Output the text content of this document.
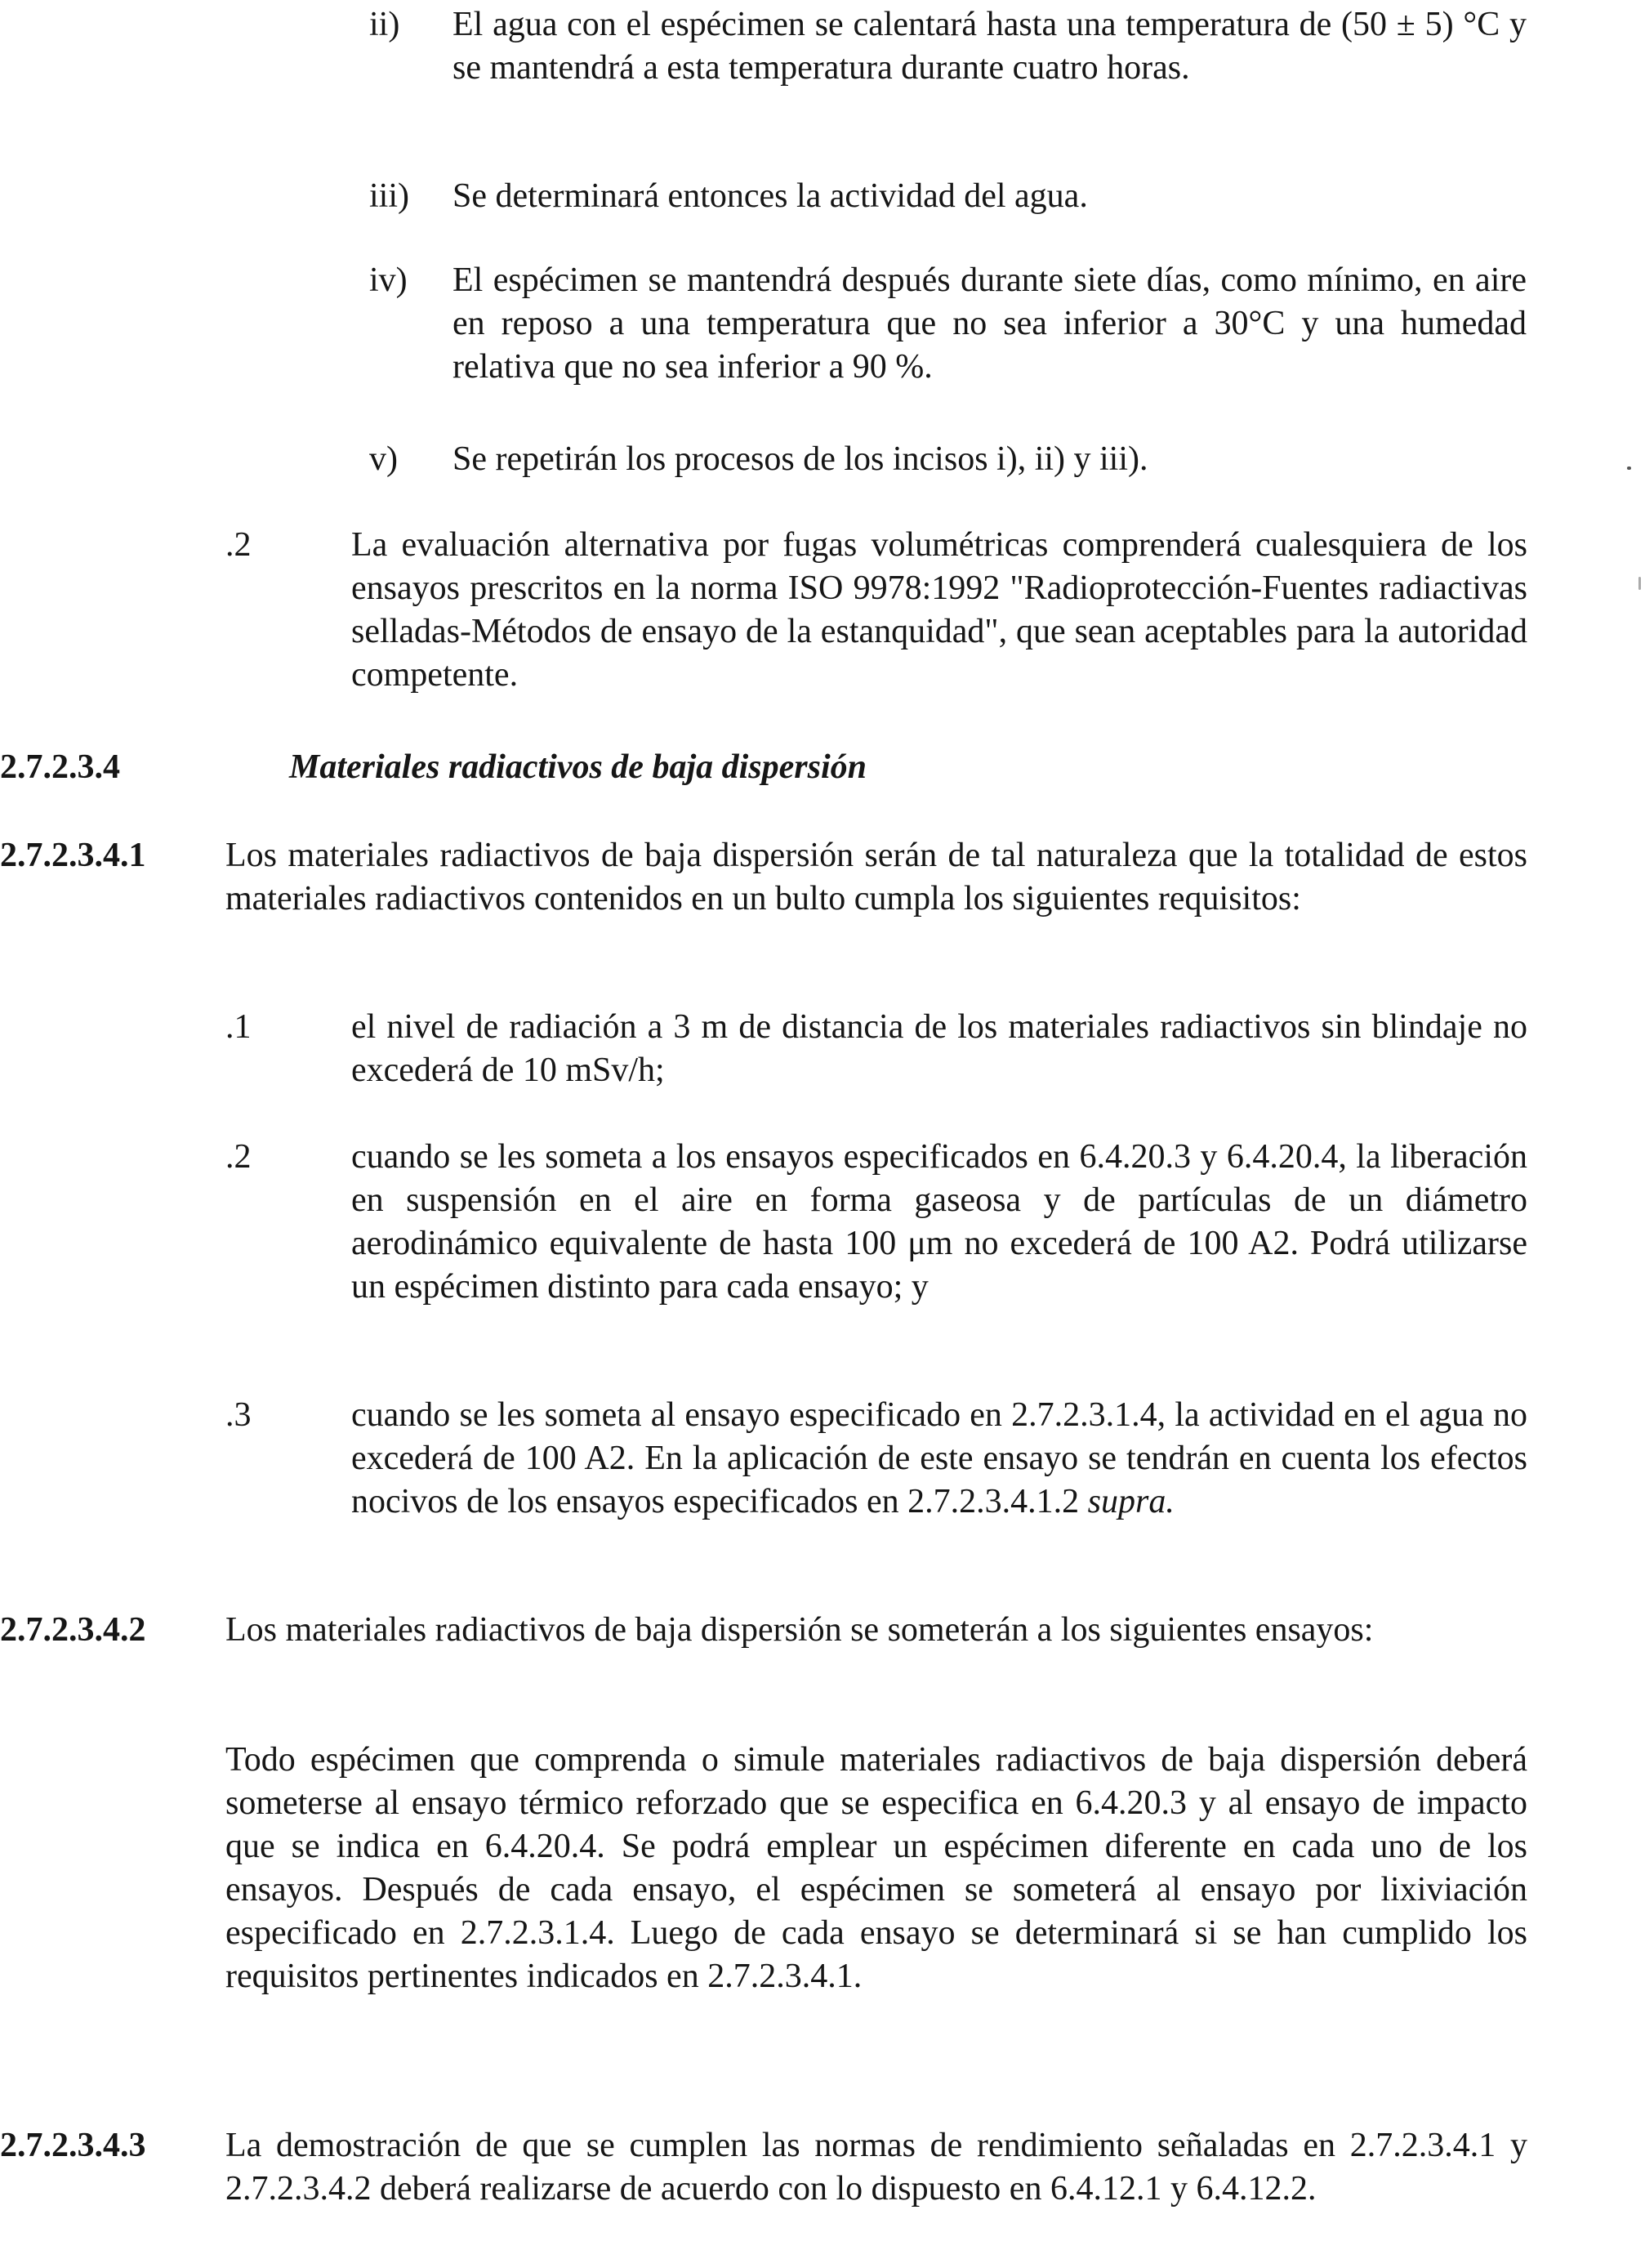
ii) El agua con el espécimen se calentará hasta una temperatura de (50 ± 5) °C y se mantendrá a esta temperatura durante cuatro horas.
iii) Se determinará entonces la actividad del agua.
iv) El espécimen se mantendrá después durante siete días, como mínimo, en aire en reposo a una temperatura que no sea inferior a 30°C y una humedad relativa que no sea inferior a 90 %.
v) Se repetirán los procesos de los incisos i), ii) y iii).
.2	La evaluación alternativa por fugas volumétricas comprenderá cualesquiera de los ensayos prescritos en la norma ISO 9978:1992 "Radioprotección-Fuentes radiactivas selladas-Métodos de ensayo de la estanquidad", que sean aceptables para la autoridad competente.
2.7.2.3.4	Materiales radiactivos de baja dispersión
2.7.2.3.4.1 Los materiales radiactivos de baja dispersión serán de tal naturaleza que la totalidad de estos materiales radiactivos contenidos en un bulto cumpla los siguientes requisitos:
.1	el nivel de radiación a 3 m de distancia de los materiales radiactivos sin blindaje no excederá de 10 mSv/h;
.2	cuando se les someta a los ensayos especificados en 6.4.20.3 y 6.4.20.4, la liberación en suspensión en el aire en forma gaseosa y de partículas de un diámetro aerodinámico equivalente de hasta 100 μm no excederá de 100 A2. Podrá utilizarse un espécimen distinto para cada ensayo; y
.3	cuando se les someta al ensayo especificado en 2.7.2.3.1.4, la actividad en el agua no excederá de 100 A2. En la aplicación de este ensayo se tendrán en cuenta los efectos nocivos de los ensayos especificados en 2.7.2.3.4.1.2 supra.
2.7.2.3.4.2 Los materiales radiactivos de baja dispersión se someterán a los siguientes ensayos:
Todo espécimen que comprenda o simule materiales radiactivos de baja dispersión deberá someterse al ensayo térmico reforzado que se especifica en 6.4.20.3 y al ensayo de impacto que se indica en 6.4.20.4. Se podrá emplear un espécimen diferente en cada uno de los ensayos. Después de cada ensayo, el espécimen se someterá al ensayo por lixiviación especificado en 2.7.2.3.1.4. Luego de cada ensayo se determinará si se han cumplido los requisitos pertinentes indicados en 2.7.2.3.4.1.
2.7.2.3.4.3 La demostración de que se cumplen las normas de rendimiento señaladas en 2.7.2.3.4.1 y 2.7.2.3.4.2 deberá realizarse de acuerdo con lo dispuesto en 6.4.12.1 y 6.4.12.2.
